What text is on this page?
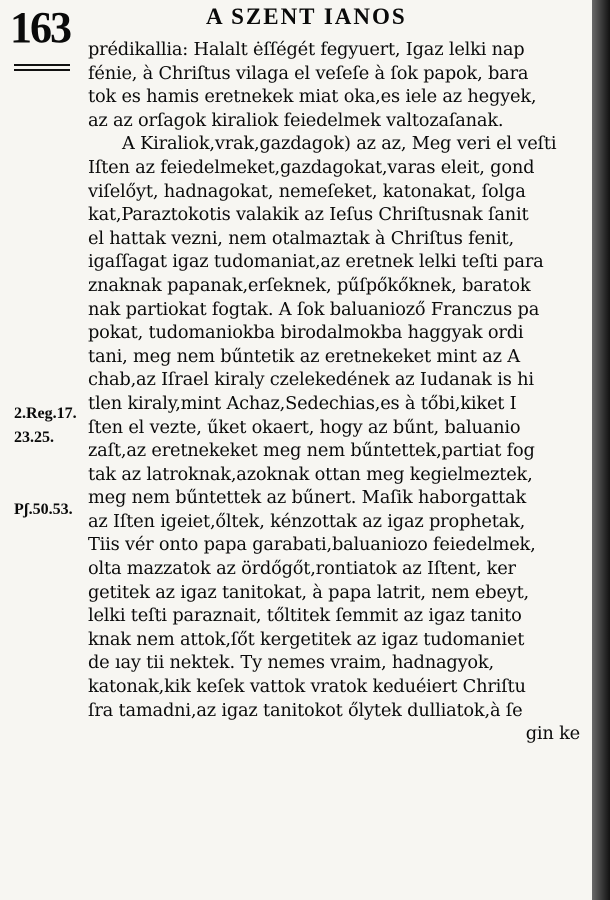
163	A SZENT IANOS
2.Reg.17.
23.25.
Pʃ.50.53.
prédikallia: Halalt ėſſégét fegyuert, Igaz lelki nap
fénie, à Chriſtus vilaga el veſeſe à ſok papok, bara
tok es hamis eretnekek miat oka,es iele az hegyek,
az az orſagok kiraliok feiedelmek valtozaſanak.
A Kiraliok,vrak,gazdagok) az az, Meg veri el veſti
Iſten az feiedelmeket,gazdagokat,varas eleit, gond
viſelőyt, hadnagokat, nemeſeket, katonakat, ſolga
kat,Paraztokotis valakik az Ieſus Chriſtusnak ſanit
el hattak vezni, nem otalmaztak à Chriſtus fenit,
igaſſagat igaz tudomaniat,az eretnek lelki teſti para
znaknak papanak,erſeknek, pűſpőkőknek, baratok
nak partiokat fogtak. A ſok baluanioző Franczus pa
pokat, tudomaniokba birodalmokba haggyak ordi
tani, meg nem bűntetik az eretnekeket mint az A
chab,az Iſrael kiraly czelekedének az Iudanak is hi
tlen kiraly,mint Achaz,Sedechias,es à tőbi,kiket I
ſten el vezte, űket okaert, hogy az bűnt, baluanio
zaſt,az eretnekeket meg nem bűntettek,partiat fog
tak az latroknak,azoknak ottan meg kegielmeztek,
meg nem bűntettek az bűnert. Maſik haborgattak
az Iſten igeiet,őltek, kénzottak az igaz prophetak,
Tiis vér onto papa garabati,baluaniozo feiedelmek,
olta mazzatok az ördőgőt,rontiatok az Iſtent, ker
getitek az igaz tanitokat, à papa latrit, nem ebeyt,
lelki teſti paraznait, tőltitek ſemmit az igaz tanito
knak nem attok,ſőt kergetitek az igaz tudomaniet
de ıay tii nektek. Ty nemes vraim, hadnagyok,
katonak,kik keſek vattok vratok keduéiert Chriſtu
ſra tamadni,az igaz tanitokot őlytek dulliatok,à ſe
gin ke
